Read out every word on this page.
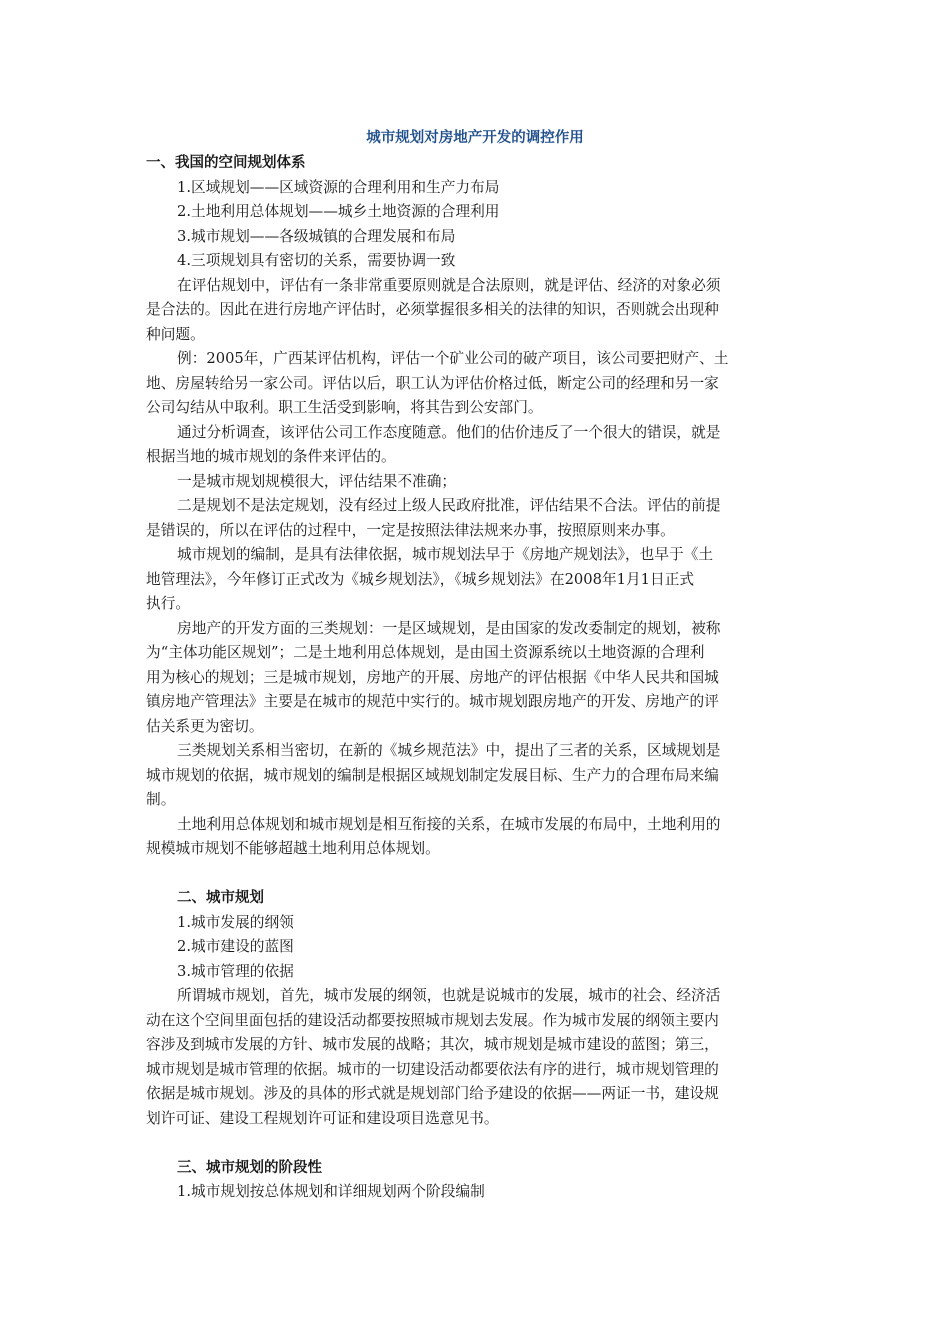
城市规划对房地产开发的调控作用
一、我国的空间规划体系
1.区域规划——区域资源的合理利用和生产力布局
2.土地利用总体规划——城乡土地资源的合理利用
3.城市规划——各级城镇的合理发展和布局
4.三项规划具有密切的关系，需要协调一致
在评估规划中，评估有一条非常重要原则就是合法原则，就是评估、经济的对象必须
是合法的。因此在进行房地产评估时，必须掌握很多相关的法律的知识，否则就会出现种
种问题。
例：2005年，广西某评估机构，评估一个矿业公司的破产项目，该公司要把财产、土
地、房屋转给另一家公司。评估以后，职工认为评估价格过低，断定公司的经理和另一家
公司勾结从中取利。职工生活受到影响，将其告到公安部门。
通过分析调查，该评估公司工作态度随意。他们的估价违反了一个很大的错误，就是
根据当地的城市规划的条件来评估的。
一是城市规划规模很大，评估结果不准确；
二是规划不是法定规划，没有经过上级人民政府批准，评估结果不合法。评估的前提
是错误的，所以在评估的过程中，一定是按照法律法规来办事，按照原则来办事。
城市规划的编制，是具有法律依据，城市规划法早于《房地产规划法》，也早于《土
地管理法》，今年修订正式改为《城乡规划法》，《城乡规划法》在2008年1月1日正式
执行。
房地产的开发方面的三类规划：一是区域规划，是由国家的发改委制定的规划，被称
为“主体功能区规划”；二是土地利用总体规划，是由国土资源系统以土地资源的合理利
用为核心的规划；三是城市规划，房地产的开展、房地产的评估根据《中华人民共和国城
镇房地产管理法》主要是在城市的规范中实行的。城市规划跟房地产的开发、房地产的评
估关系更为密切。
三类规划关系相当密切，在新的《城乡规范法》中，提出了三者的关系，区域规划是
城市规划的依据，城市规划的编制是根据区域规划制定发展目标、生产力的合理布局来编
制。
土地利用总体规划和城市规划是相互衔接的关系，在城市发展的布局中，土地利用的
规模城市规划不能够超越土地利用总体规划。
二、城市规划
1.城市发展的纲领
2.城市建设的蓝图
3.城市管理的依据
所谓城市规划，首先，城市发展的纲领，也就是说城市的发展，城市的社会、经济活
动在这个空间里面包括的建设活动都要按照城市规划去发展。作为城市发展的纲领主要内
容涉及到城市发展的方针、城市发展的战略；其次，城市规划是城市建设的蓝图；第三，
城市规划是城市管理的依据。城市的一切建设活动都要依法有序的进行，城市规划管理的
依据是城市规划。涉及的具体的形式就是规划部门给予建设的依据——两证一书，建设规
划许可证、建设工程规划许可证和建设项目选意见书。
三、城市规划的阶段性
1.城市规划按总体规划和详细规划两个阶段编制
